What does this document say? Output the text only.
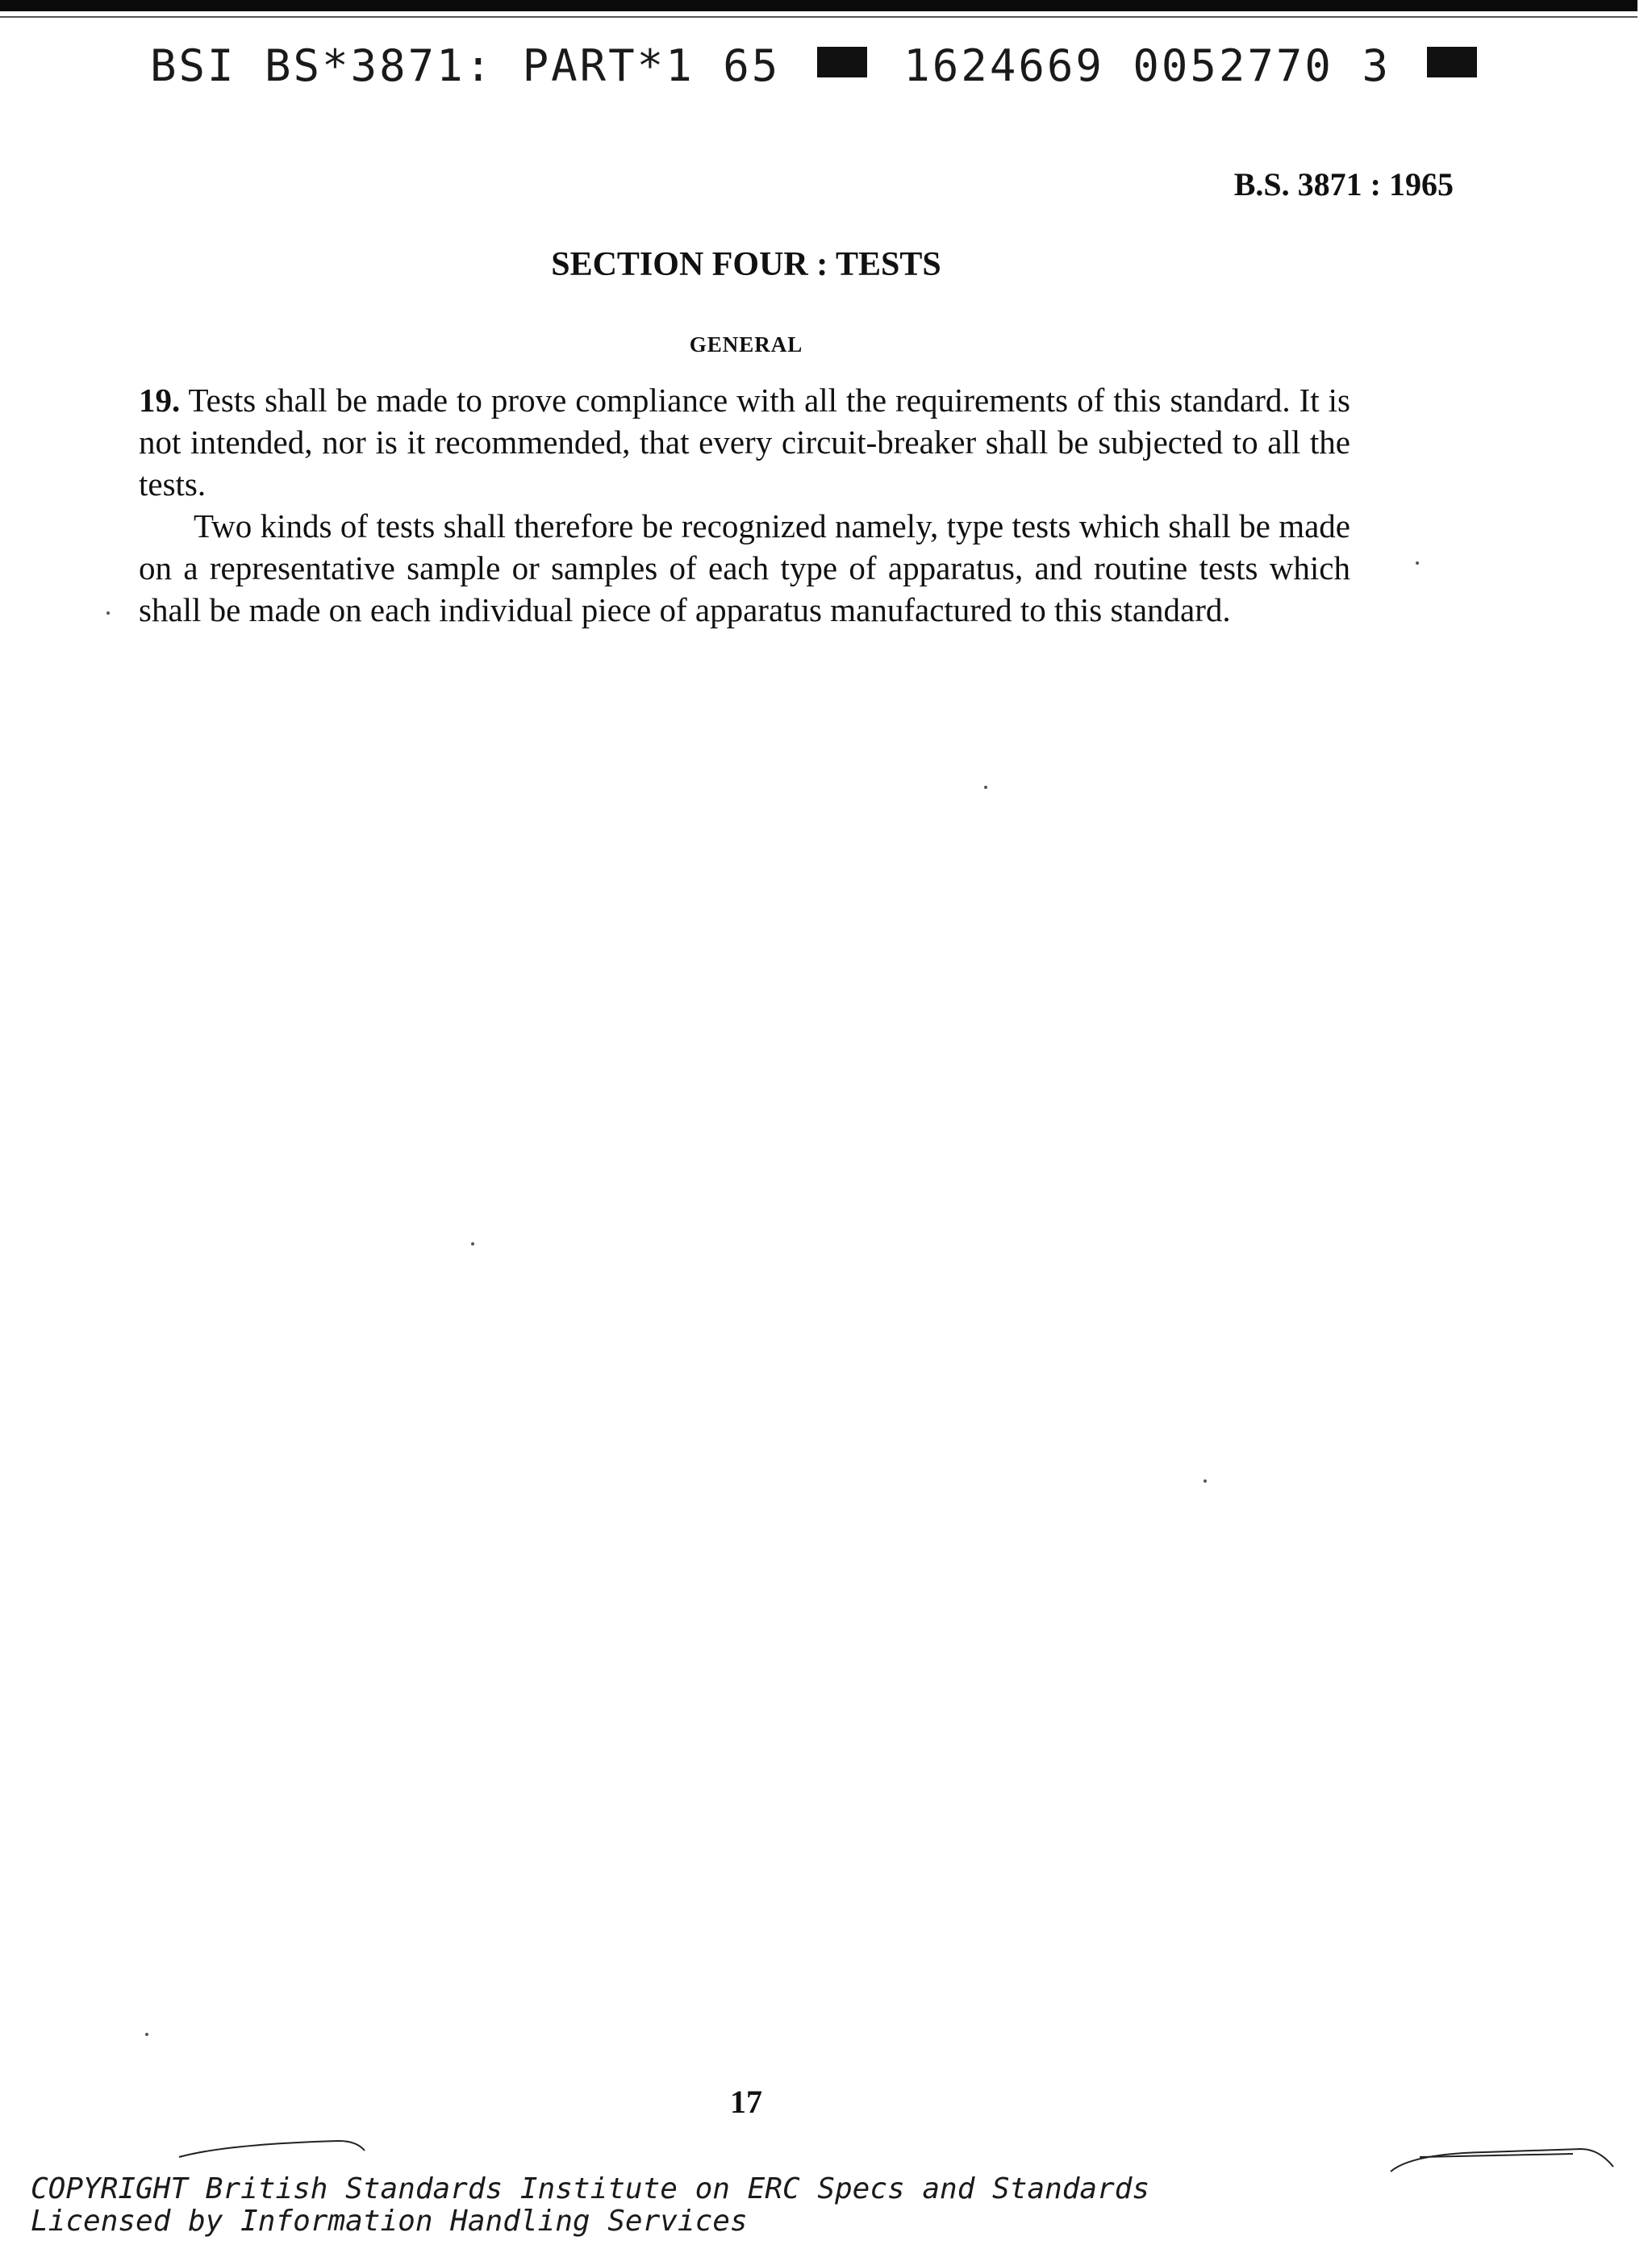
BSI BS*3871: PART*1 65	1624669 0052770 3
B.S. 3871 : 1965
SECTION FOUR : TESTS
GENERAL

19. Tests shall be made to prove compliance with all the requirements of this standard. It is not intended, nor is it recommended, that every circuit-breaker shall be subjected to all the tests.

Two kinds of tests shall therefore be recognized namely, type tests which shall be made on a representative sample or samples of each type of apparatus, and routine tests which shall be made on each individual piece of apparatus manufactured to this standard.

17
COPYRIGHT British Standards Institute on ERC Specs and Standards
Licensed by Information Handling Services
